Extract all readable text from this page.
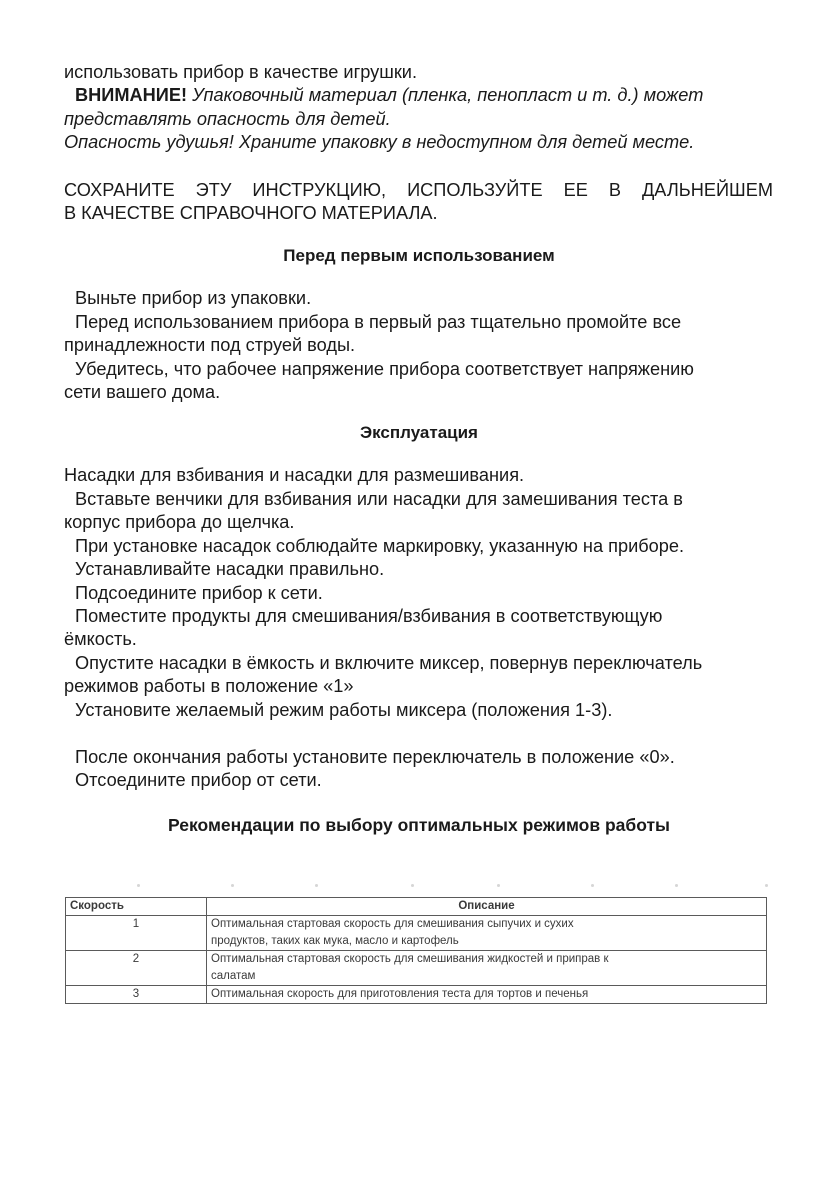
использовать прибор в качестве игрушки.
ВНИМАНИЕ! Упаковочный материал (пленка, пенопласт и т. д.) может
представлять опасность для детей.
Опасность удушья! Храните упаковку в недоступном для детей месте.
СОХРАНИТЕ ЭТУ ИНСТРУКЦИЮ, ИСПОЛЬЗУЙТЕ ЕЕ В ДАЛЬНЕЙШЕМ
В КАЧЕСТВЕ СПРАВОЧНОГО МАТЕРИАЛА.
Перед первым использованием
Выньте прибор из упаковки.
Перед использованием прибора в первый раз тщательно промойте все
принадлежности под струей воды.
Убедитесь, что рабочее напряжение прибора соответствует напряжению
сети вашего дома.
Эксплуатация
Насадки для взбивания и насадки для размешивания.
Вставьте венчики для взбивания или насадки для замешивания теста в
корпус прибора до щелчка.
При установке насадок соблюдайте маркировку, указанную на приборе.
Устанавливайте насадки правильно.
Подсоедините прибор к сети.
Поместите продукты для смешивания/взбивания в соответствующую
ёмкость.
Опустите насадки в ёмкость и включите миксер, повернув переключатель
режимов работы в положение «1»
Установите желаемый режим работы миксера (положения 1-3).
После окончания работы установите переключатель в положение «0».
Отсоедините прибор от сети.
Рекомендации по выбору оптимальных режимов работы
Скорость	Описание
1	Оптимальная стартовая скорость для смешивания сыпучих и сухих
продуктов, таких как мука, масло и картофель

2	Оптимальная стартовая скорость для смешивания жидкостей и приправ к
салатам

3	Оптимальная скорость для приготовления теста для тортов и печенья
